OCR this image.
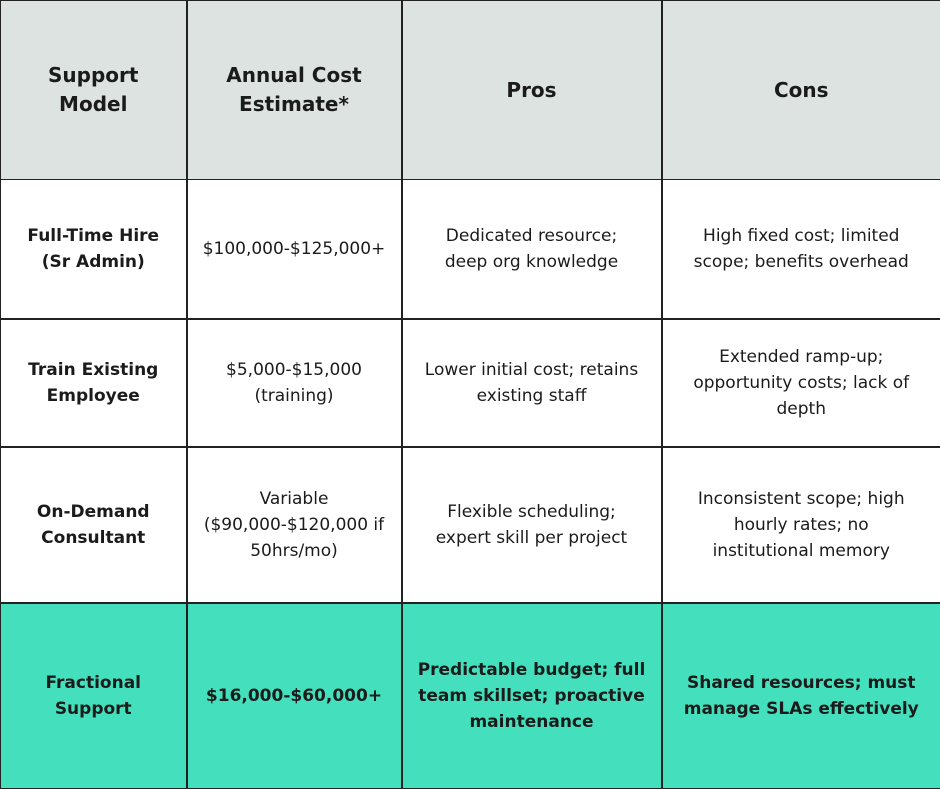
Support Model	Annual Cost Estimate*	Pros	Cons
Full-Time Hire (Sr Admin)	$100,000-$125,000+	Dedicated resource; deep org knowledge	High fixed cost; limited scope; benefits overhead
Train Existing Employee	$5,000-$15,000 (training)	Lower initial cost; retains existing staff	Extended ramp-up; opportunity costs; lack of depth
On-Demand Consultant	Variable ($90,000-$120,000 if 50hrs/mo)	Flexible scheduling; expert skill per project	Inconsistent scope; high hourly rates; no institutional memory
Fractional Support	$16,000-$60,000+	Predictable budget; full team skillset; proactive maintenance	Shared resources; must manage SLAs effectively
